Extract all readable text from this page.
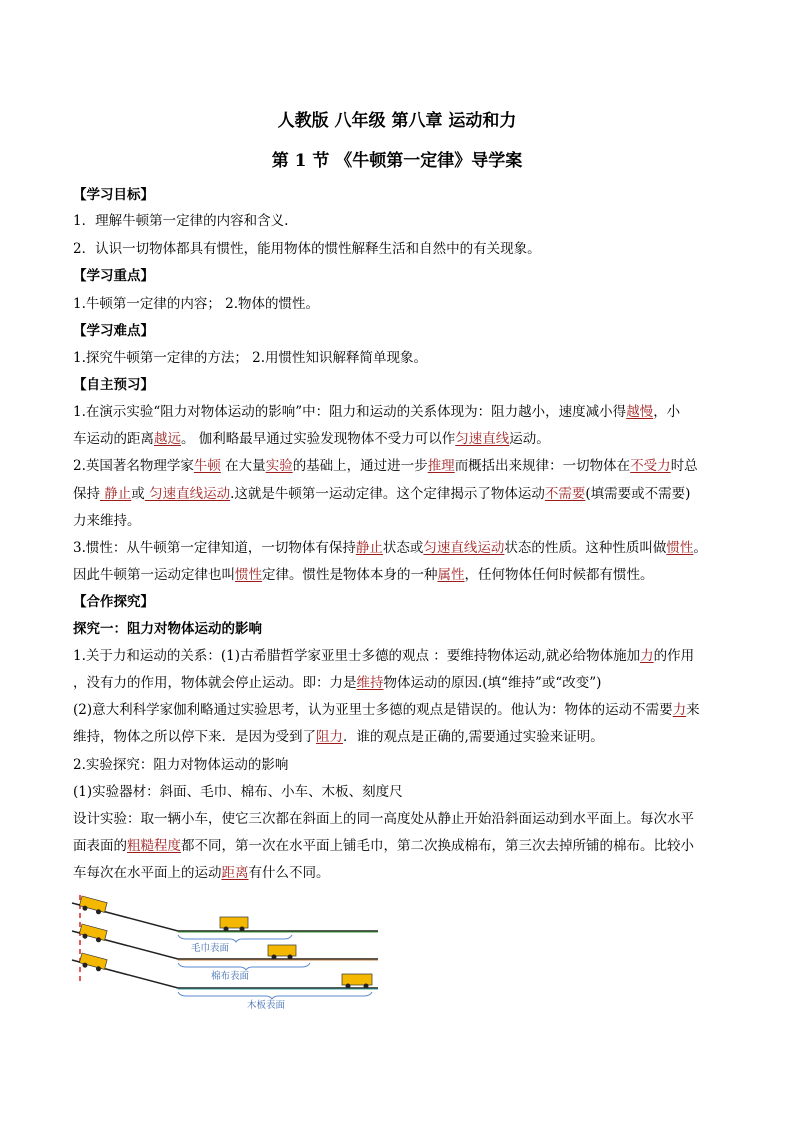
人教版 八年级 第八章 运动和力
第 1 节 《牛顿第一定律》导学案
【学习目标】
1．理解牛顿第一定律的内容和含义.
2．认识一切物体都具有惯性，能用物体的惯性解释生活和自然中的有关现象。
【学习重点】
1.牛顿第一定律的内容； 2.物体的惯性。
【学习难点】
1.探究牛顿第一定律的方法； 2.用惯性知识解释简单现象。
【自主预习】
1.在演示实验“阻力对物体运动的影响”中：阻力和运动的关系体现为：阻力越小，速度减小得越慢，小
车运动的距离越远。 伽利略最早通过实验发现物体不受力可以作匀速直线运动。
2.英国著名物理学家牛顿 在大量实验的基础上，通过进一步推理而概括出来规律：一切物体在不受力时总
保持 静止或 匀速直线运动.这就是牛顿第一运动定律。这个定律揭示了物体运动不需要(填需要或不需要)
力来维持。
3.惯性：从牛顿第一定律知道，一切物体有保持静止状态或匀速直线运动状态的性质。这种性质叫做惯性。
因此牛顿第一运动定律也叫惯性定律。惯性是物体本身的一种属性，任何物体任何时候都有惯性。
【合作探究】
探究一：阻力对物体运动的影响
1.关于力和运动的关系：(1)古希腊哲学家亚里士多德的观点 ：要维持物体运动,就必给物体施加力的作用
，没有力的作用，物体就会停止运动。即：力是维持物体运动的原因.(填“维持”或“改变”)
(2)意大利科学家伽利略通过实验思考，认为亚里士多德的观点是错误的。他认为：物体的运动不需要力来
维持，物体之所以停下来．是因为受到了阻力．谁的观点是正确的,需要通过实验来证明。
2.实验探究：阻力对物体运动的影响
(1)实验器材：斜面、毛巾、棉布、小车、木板、刻度尺
设计实验：取一辆小车，使它三次都在斜面上的同一高度处从静止开始沿斜面运动到水平面上。每次水平
面表面的粗糙程度都不同，第一次在水平面上铺毛巾，第二次换成棉布，第三次去掉所铺的棉布。比较小
车每次在水平面上的运动距离有什么不同。
毛巾表面
棉布表面
木板表面
